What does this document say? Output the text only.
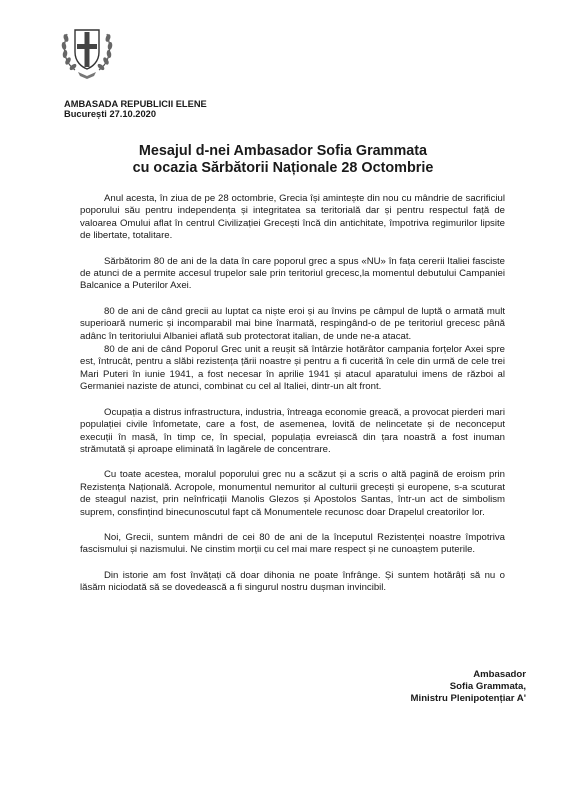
AMBASADA REPUBLICII ELENE
București 27.10.2020
Mesajul d-nei Ambasador Sofia Grammata
cu ocazia Sărbătorii Naționale 28 Octombrie

Anul acesta, în ziua de pe 28 octombrie, Grecia își amintește din nou cu mândrie de sacrificiul poporului său pentru independența și integritatea sa teritorială dar și pentru respectul față de valoarea Omului aflat în centrul Civilizației Grecești încă din antichitate, împotriva regimurilor lipsite de libertate, totalitare.

Sărbătorim 80 de ani de la data în care poporul grec a spus «NU» în fața cererii Italiei fasciste de atunci de a permite accesul trupelor sale prin teritoriul grecesc,la momentul debutului Campaniei Balcanice a Puterilor Axei.

80 de ani de când grecii au luptat ca niște eroi și au învins pe câmpul de luptă o armată mult superioară numeric și incomparabil mai bine înarmată, respingând-o de pe teritoriul grecesc până adânc în teritoriului Albaniei aflată sub protectorat italian, de unde ne-a atacat.

80 de ani de când Poporul Grec unit a reușit să întârzie hotărâtor campania forțelor Axei spre est, întrucât, pentru a slăbi rezistența țării noastre și pentru a fi cucerită în cele din urmă de cele trei Mari Puteri în iunie 1941, a fost necesar în aprilie 1941 și atacul aparatului imens de război al Germaniei naziste de atunci, combinat cu cel al Italiei, dintr-un alt front.

Ocupația a distrus infrastructura, industria, întreaga economie greacă, a provocat pierderi mari populației civile înfometate, care a fost, de asemenea, lovită de nelincetate și de neconceput execuții în masă, în timp ce, în special, populația evreiască din țara noastră a fost inuman strămutată și aproape eliminată în lagărele de concentrare.

Cu toate acestea, moralul poporului grec nu a scăzut și a scris o altă pagină de eroism prin Rezistența Națională. Acropole, monumentul nemuritor al culturii grecești și europene, s-a scuturat de steagul nazist, prin neînfricații Manolis Glezos și Apostolos Santas, într-un act de simbolism suprem, consfințind binecunoscutul fapt că Monumentele recunosc doar Drapelul creatorilor lor.

Noi, Grecii, suntem mândri de cei 80 de ani de la începutul Rezistenței noastre împotriva fascismului și nazismului. Ne cinstim morții cu cel mai mare respect și ne cunoaștem puterile.

Din istorie am fost învățați că doar dihonia ne poate înfrânge. Și suntem hotărâți să nu o lăsăm niciodată să se dovedească a fi singurul nostru dușman invincibil.

Ambasador
Sofia Grammata,
Ministru Plenipotențiar A'
